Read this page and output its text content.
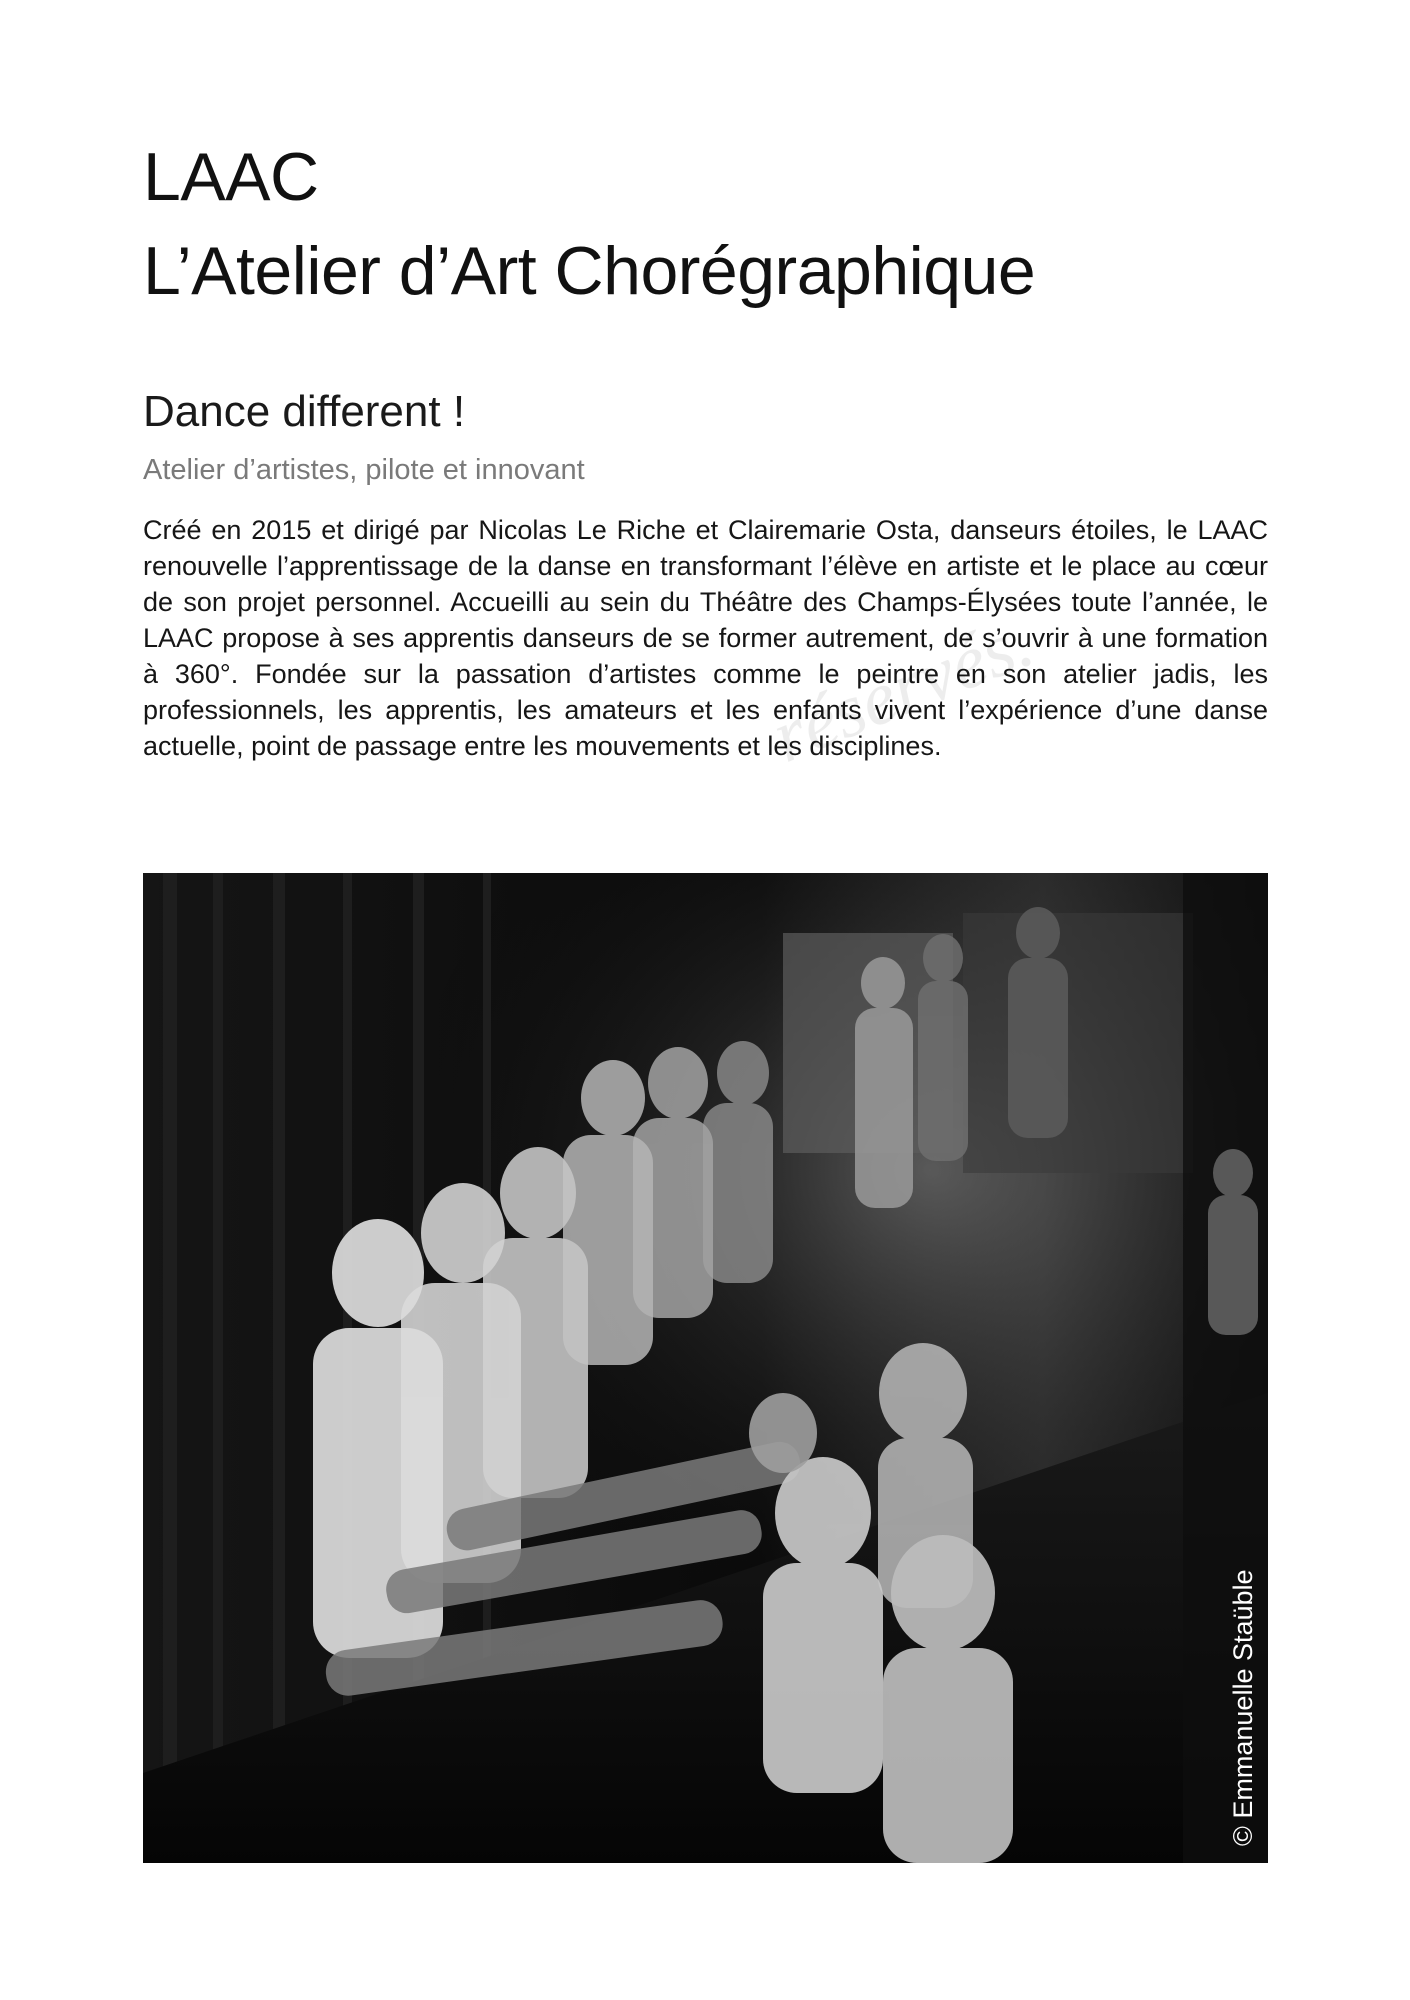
LAAC
L’Atelier d’Art Chorégraphique
Dance different !

Atelier d’artistes, pilote et innovant

Créé en 2015 et dirigé par Nicolas Le Riche et Clairemarie Osta, danseurs étoiles, le LAAC renouvelle l’apprentissage de la danse en transformant l’élève en artiste et le place au cœur de son projet personnel. Accueilli au sein du Théâtre des Champs-Élysées toute l’année, le LAAC propose à ses apprentis danseurs de se former autrement, de s’ouvrir à une formation à 360°. Fondée sur la passation d’artistes comme le peintre en son atelier jadis, les professionnels, les apprentis, les amateurs et les enfants vivent l’expérience d’une danse actuelle, point de passage entre les mouvements et les disciplines.

réservés.
© Emmanuelle Staüble
